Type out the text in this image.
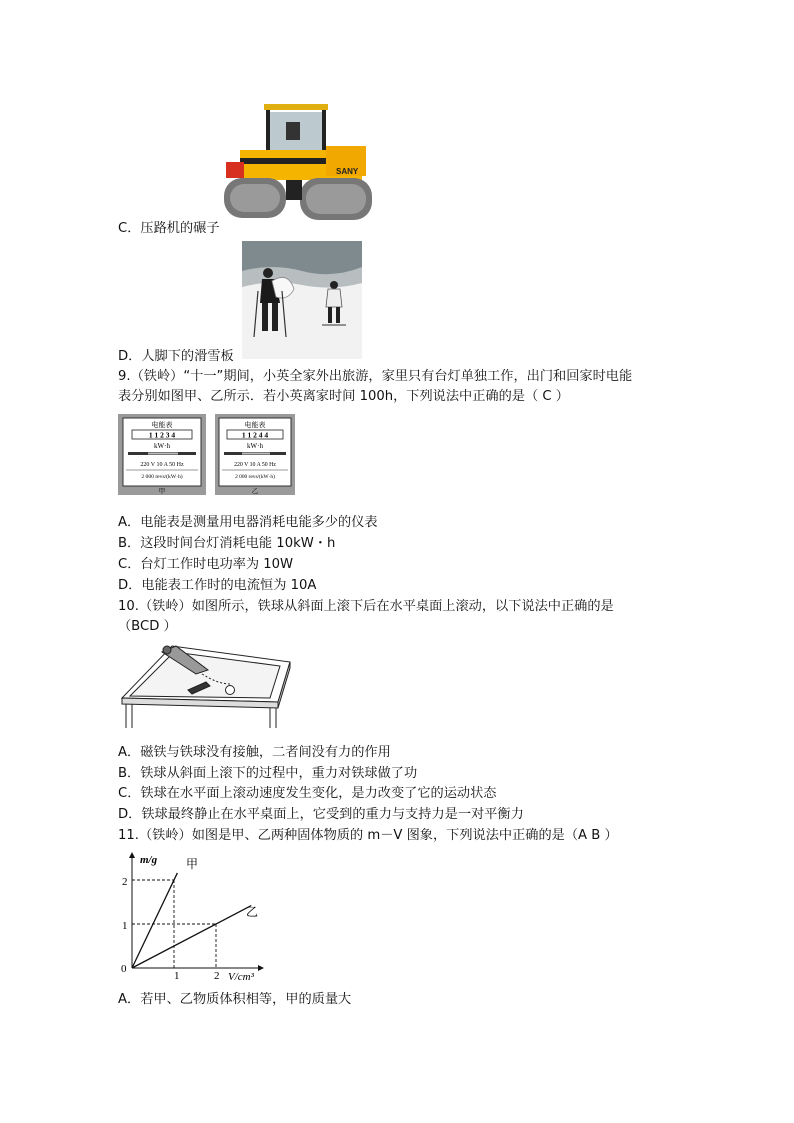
SANY
C．压路机的碾子
D．人脚下的滑雪板
9.（铁岭）“十一”期间，小英全家外出旅游，家里只有台灯单独工作，出门和回家时电能
表分别如图甲、乙所示．若小英离家时间 100h，下列说法中正确的是（ C ）
电能表
1 1 2 3 4
kW·h
220 V 10 A 50 Hz
2 000 revs/(kW·h)
甲
电能表
1 1 2 4 4
kW·h
220 V 10 A 50 Hz
2 000 revs/(kW·h)
乙
A．电能表是测量用电器消耗电能多少的仪表
B．这段时间台灯消耗电能 10kW・h
C．台灯工作时电功率为 10W
D．电能表工作时的电流恒为 10A
10.（铁岭）如图所示，铁球从斜面上滚下后在水平桌面上滚动，以下说法中正确的是
（BCD ）
A．磁铁与铁球没有接触，二者间没有力的作用
B．铁球从斜面上滚下的过程中，重力对铁球做了功
C．铁球在水平面上滚动速度发生变化，是力改变了它的运动状态
D．铁球最终静止在水平桌面上，它受到的重力与支持力是一对平衡力
11.（铁岭）如图是甲、乙两种固体物质的 m－V 图象，下列说法中正确的是（A B ）
m/g
V/cm³
0
1
2
1	2
甲
乙
A．若甲、乙物质体积相等，甲的质量大
